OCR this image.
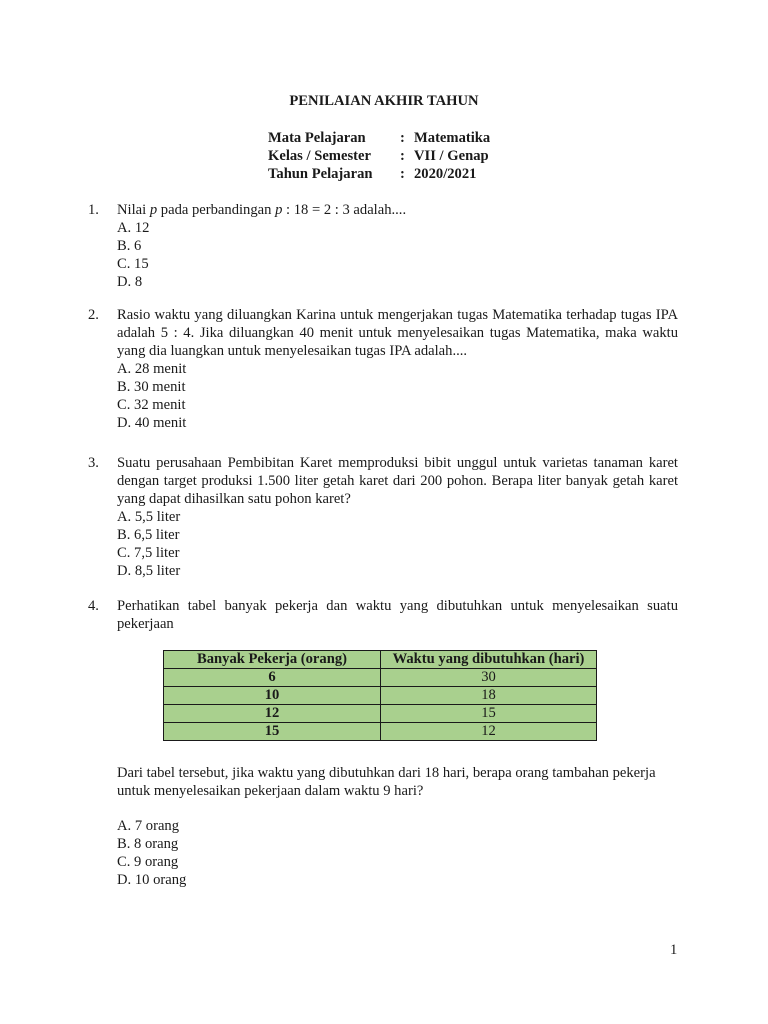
PENILAIAN AKHIR TAHUN
Mata Pelajaran	: Matematika
Kelas / Semester	: VII / Genap
Tahun Pelajaran	: 2020/2021
1. Nilai p pada perbandingan p : 18 = 2 : 3 adalah....
A. 12
B. 6
C. 15
D. 8
2. Rasio waktu yang diluangkan Karina untuk mengerjakan tugas Matematika terhadap tugas IPA adalah 5 : 4. Jika diluangkan 40 menit untuk menyelesaikan tugas Matematika, maka waktu yang dia luangkan untuk menyelesaikan tugas IPA adalah....
A. 28 menit
B. 30 menit
C. 32 menit
D. 40 menit
3. Suatu perusahaan Pembibitan Karet memproduksi bibit unggul untuk varietas tanaman karet dengan target produksi 1.500 liter getah karet dari 200 pohon. Berapa liter banyak getah karet yang dapat dihasilkan satu pohon karet?
A. 5,5 liter
B. 6,5 liter
C. 7,5 liter
D. 8,5 liter
4. Perhatikan tabel banyak pekerja dan waktu yang dibutuhkan untuk menyelesaikan suatu pekerjaan
Banyak Pekerja (orang)	Waktu yang dibutuhkan (hari)
6	30
10	18
12	15
15	12
Dari tabel tersebut, jika waktu yang dibutuhkan dari 18 hari, berapa orang tambahan pekerja untuk menyelesaikan pekerjaan dalam waktu 9 hari?
A. 7 orang
B. 8 orang
C. 9 orang
D. 10 orang
1
